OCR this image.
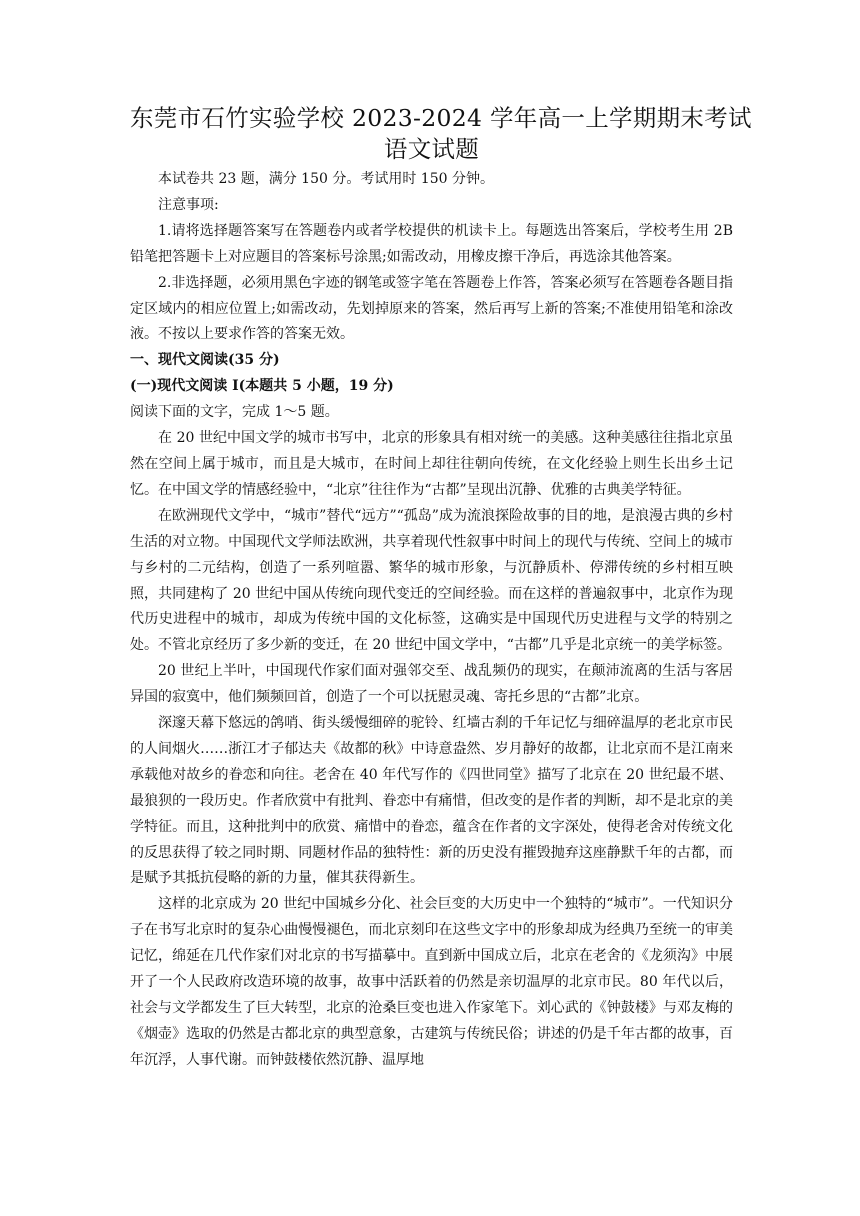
东莞市石竹实验学校 2023-2024 学年高一上学期期末考试
语文试题

本试卷共 23 题，满分 150 分。考试用时 150 分钟。

注意事项:

1.请将选择题答案写在答题卷内或者学校提供的机读卡上。每题选出答案后，学校考生用 2B 铅笔把答题卡上对应题目的答案标号涂黑;如需改动，用橡皮擦干净后，再选涂其他答案。

2.非选择题，必须用黑色字迹的钢笔或签字笔在答题卷上作答，答案必须写在答题卷各题目指定区域内的相应位置上;如需改动，先划掉原来的答案，然后再写上新的答案;不准使用铅笔和涂改液。不按以上要求作答的答案无效。

一、现代文阅读(35 分)

(一)现代文阅读 I(本题共 5 小题，19 分)

阅读下面的文字，完成 1～5 题。

在 20 世纪中国文学的城市书写中，北京的形象具有相对统一的美感。这种美感往往指北京虽然在空间上属于城市，而且是大城市，在时间上却往往朝向传统，在文化经验上则生长出乡土记忆。在中国文学的情感经验中，“北京”往往作为“古都”呈现出沉静、优雅的古典美学特征。

在欧洲现代文学中，“城市”替代“远方”“孤岛”成为流浪探险故事的目的地，是浪漫古典的乡村生活的对立物。中国现代文学师法欧洲，共享着现代性叙事中时间上的现代与传统、空间上的城市与乡村的二元结构，创造了一系列喧嚣、繁华的城市形象，与沉静质朴、停滞传统的乡村相互映照，共同建构了 20 世纪中国从传统向现代变迁的空间经验。而在这样的普遍叙事中，北京作为现代历史进程中的城市，却成为传统中国的文化标签，这确实是中国现代历史进程与文学的特别之处。不管北京经历了多少新的变迁，在 20 世纪中国文学中，“古都”几乎是北京统一的美学标签。

20 世纪上半叶，中国现代作家们面对强邻交至、战乱频仍的现实，在颠沛流离的生活与客居异国的寂寞中，他们频频回首，创造了一个可以抚慰灵魂、寄托乡思的“古都”北京。

深邃天幕下悠远的鸽哨、街头缓慢细碎的驼铃、红墙古刹的千年记忆与细碎温厚的老北京市民的人间烟火……浙江才子郁达夫《故都的秋》中诗意盎然、岁月静好的故都，让北京而不是江南来承载他对故乡的眷恋和向往。老舍在 40 年代写作的《四世同堂》描写了北京在 20 世纪最不堪、最狼狈的一段历史。作者欣赏中有批判、眷恋中有痛惜，但改变的是作者的判断，却不是北京的美学特征。而且，这种批判中的欣赏、痛惜中的眷恋，蕴含在作者的文字深处，使得老舍对传统文化的反思获得了较之同时期、同题材作品的独特性：新的历史没有摧毁抛弃这座静默千年的古都，而是赋予其抵抗侵略的新的力量，催其获得新生。

这样的北京成为 20 世纪中国城乡分化、社会巨变的大历史中一个独特的“城市”。一代知识分子在书写北京时的复杂心曲慢慢褪色，而北京刻印在这些文字中的形象却成为经典乃至统一的审美记忆，绵延在几代作家们对北京的书写描摹中。直到新中国成立后，北京在老舍的《龙须沟》中展开了一个人民政府改造环境的故事，故事中活跃着的仍然是亲切温厚的北京市民。80 年代以后，社会与文学都发生了巨大转型，北京的沧桑巨变也进入作家笔下。刘心武的《钟鼓楼》与邓友梅的《烟壶》选取的仍然是古都北京的典型意象，古建筑与传统民俗；讲述的仍是千年古都的故事，百年沉浮，人事代谢。而钟鼓楼依然沉静、温厚地
